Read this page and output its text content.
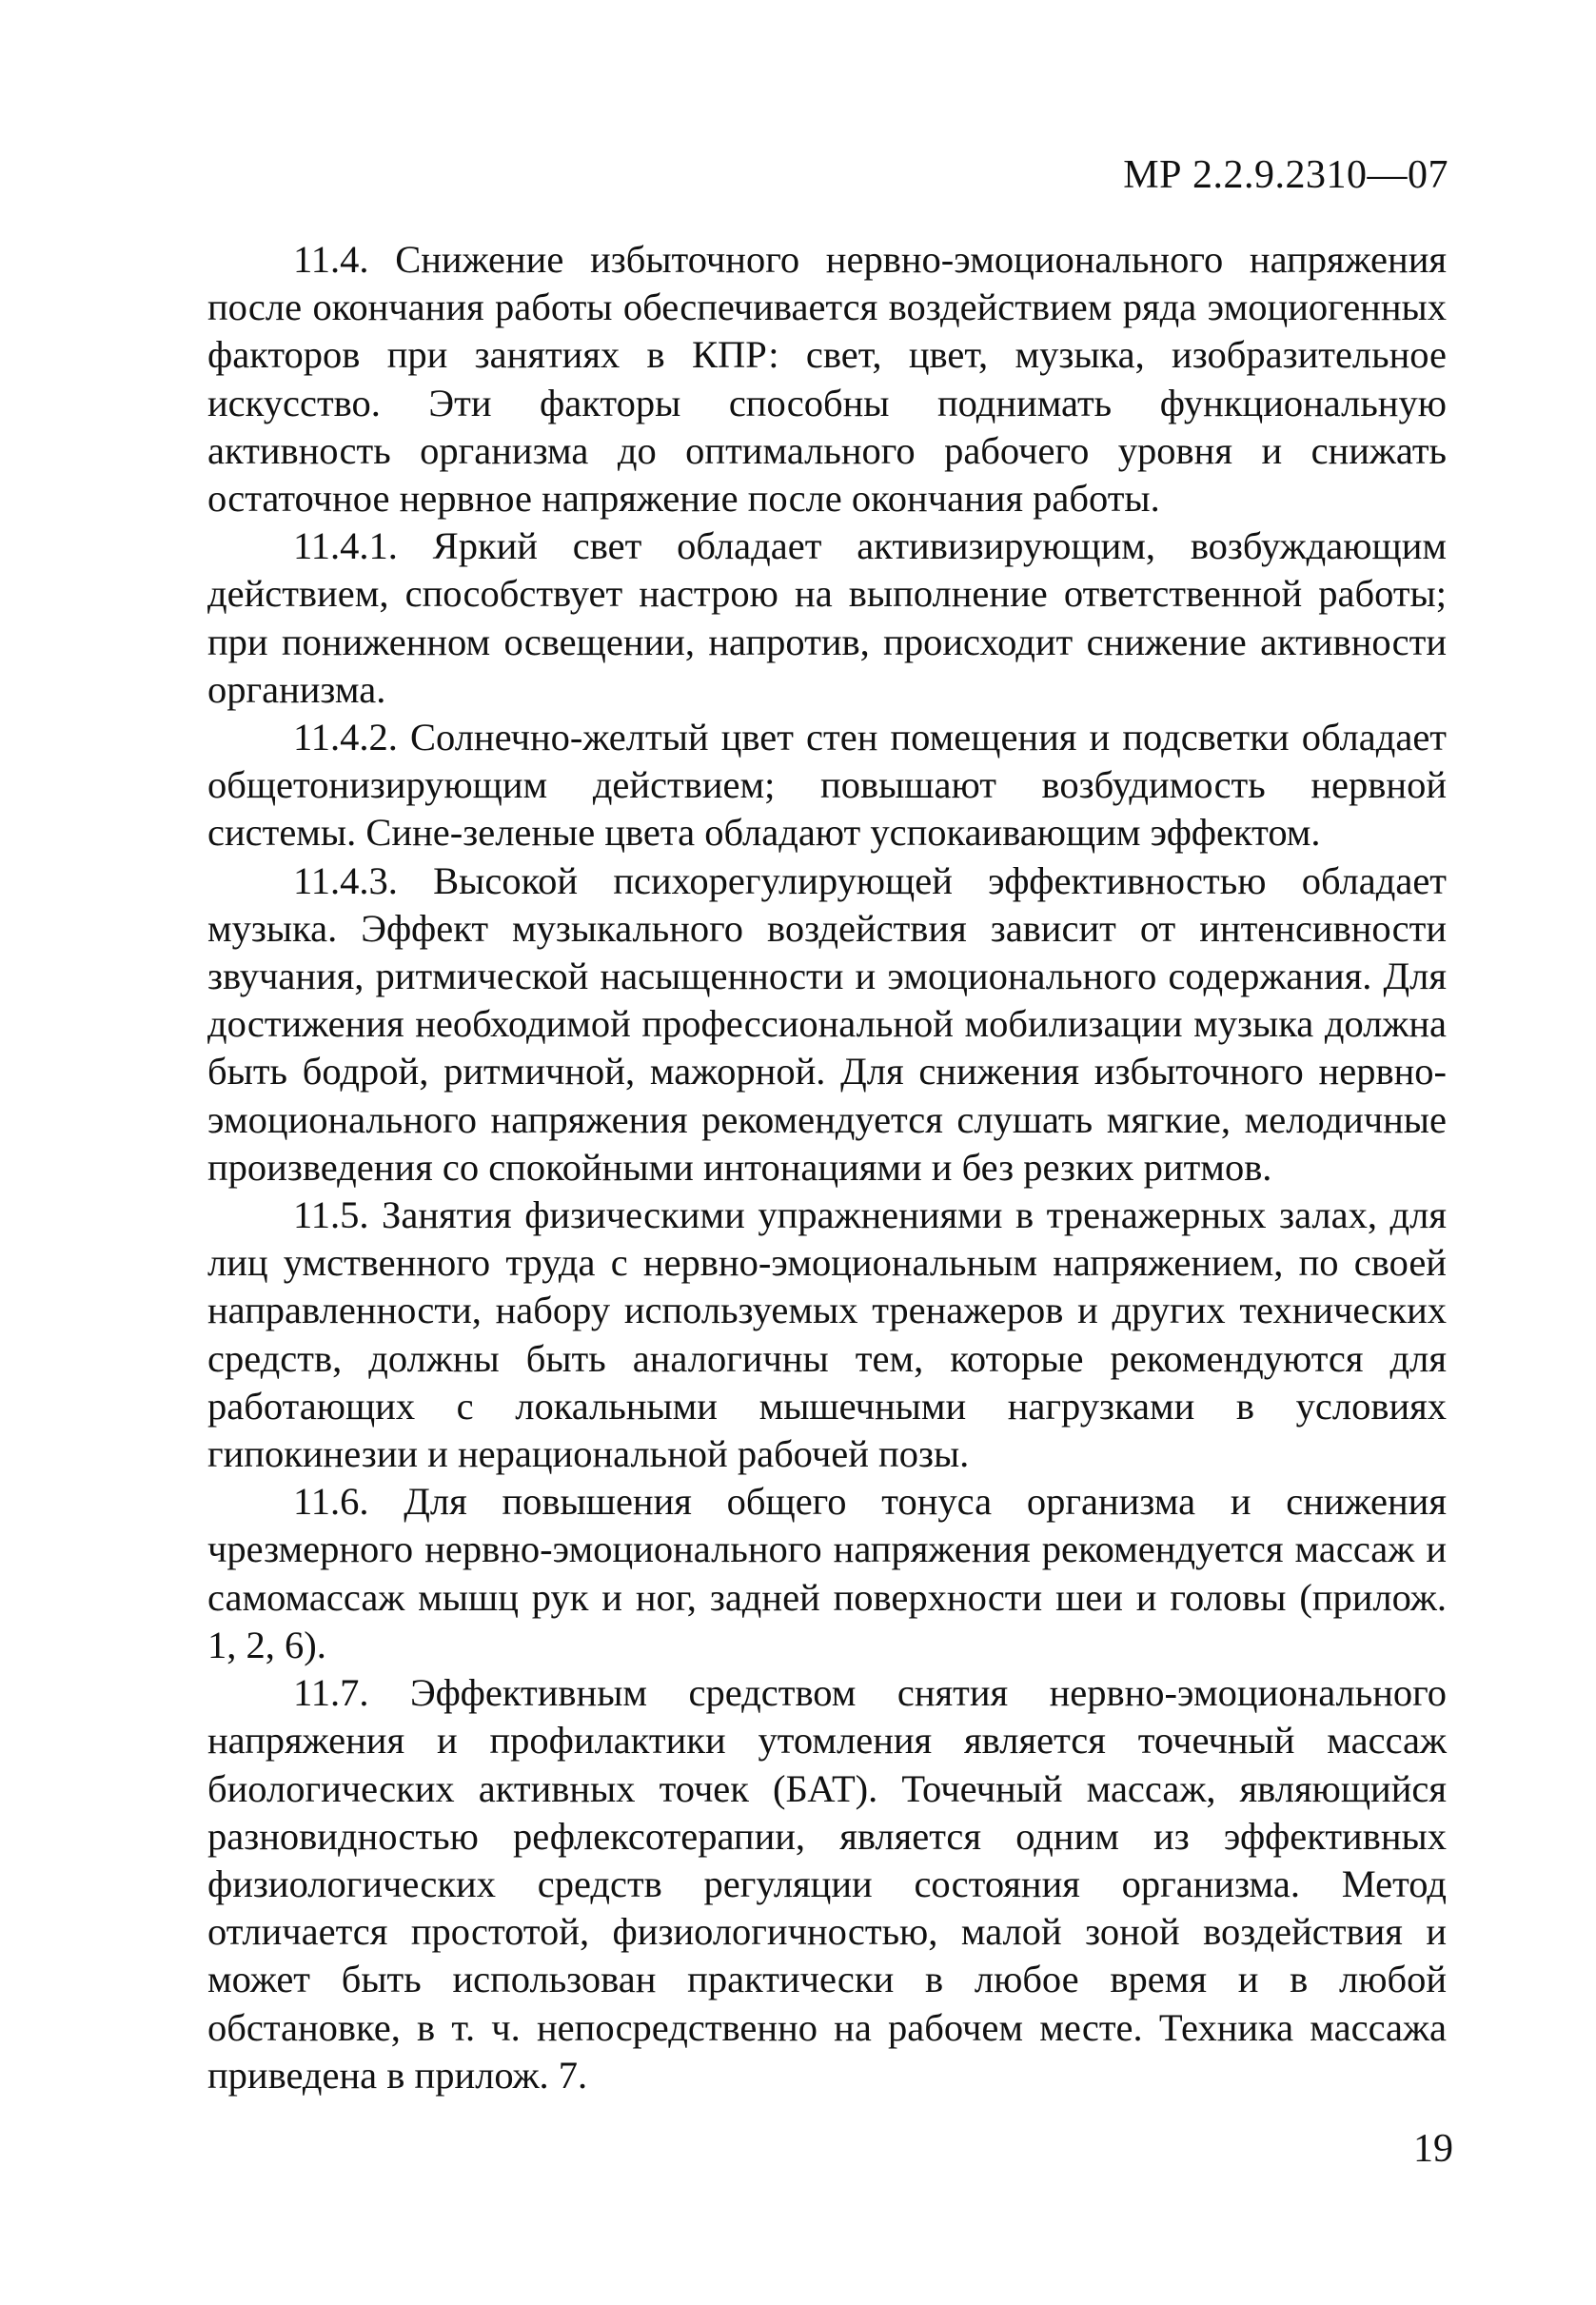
МР 2.2.9.2310—07

11.4. Снижение избыточного нервно-эмоционального напряжения после окончания работы обеспечивается воздействием ряда эмоциогенных факторов при занятиях в КПР: свет, цвет, музыка, изобразительное искусство. Эти факторы способны поднимать функциональную активность организма до оптимального рабочего уровня и снижать остаточное нервное напряжение после окончания работы.

11.4.1. Яркий свет обладает активизирующим, возбуждающим действием, способствует настрою на выполнение ответственной работы; при пониженном освещении, напротив, происходит снижение активности организма.

11.4.2. Солнечно-желтый цвет стен помещения и подсветки обладает общетонизирующим действием; повышают возбудимость нервной системы. Сине-зеленые цвета обладают успокаивающим эффектом.

11.4.3. Высокой психорегулирующей эффективностью обладает музыка. Эффект музыкального воздействия зависит от интенсивности звучания, ритмической насыщенности и эмоционального содержания. Для достижения необходимой профессиональной мобилизации музыка должна быть бодрой, ритмичной, мажорной. Для снижения избыточного нервно-эмоционального напряжения рекомендуется слушать мягкие, мелодичные произведения со спокойными интонациями и без резких ритмов.

11.5. Занятия физическими упражнениями в тренажерных залах, для лиц умственного труда с нервно-эмоциональным напряжением, по своей направленности, набору используемых тренажеров и других технических средств, должны быть аналогичны тем, которые рекомендуются для работающих с локальными мышечными нагрузками в условиях гипокинезии и нерациональной рабочей позы.

11.6. Для повышения общего тонуса организма и снижения чрезмерного нервно-эмоционального напряжения рекомендуется массаж и самомассаж мышц рук и ног, задней поверхности шеи и головы (прилож. 1, 2, 6).

11.7. Эффективным средством снятия нервно-эмоционального напряжения и профилактики утомления является точечный массаж биологических активных точек (БАТ). Точечный массаж, являющийся разновидностью рефлексотерапии, является одним из эффективных физиологических средств регуляции состояния организма. Метод отличается простотой, физиологичностью, малой зоной воздействия и может быть использован практически в любое время и в любой обстановке, в т. ч. непосредственно на рабочем месте. Техника массажа приведена в прилож. 7.

19
